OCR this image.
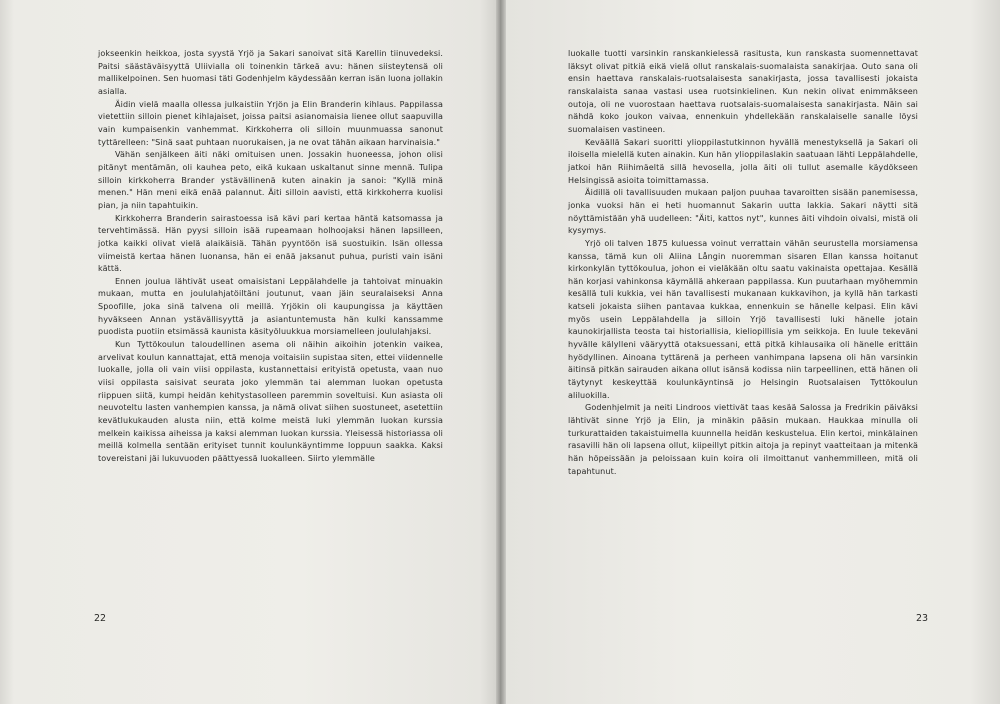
jokseenkin heikkoa, josta syystä Yrjö ja Sakari sanoivat sitä Karellin tiinuvedeksi. Paitsi säästäväisyyttä Uliivialla oli toinenkin tärkeä avu: hänen siisteytensä oli mallikelpoinen. Sen huomasi täti Godenhjelm käydessään kerran isän luona jollakin asialla.

Äidin vielä maalla ollessa julkaistiin Yrjön ja Elin Branderin kihlaus. Pappilassa vietettiin silloin pienet kihlajaiset, joissa paitsi asianomaisia lienee ollut saapuvilla vain kumpaisenkin vanhemmat. Kirkkoherra oli silloin muunmuassa sanonut tyttärelleen: "Sinä saat puhtaan nuorukaisen, ja ne ovat tähän aikaan harvinaisia."

Vähän senjälkeen äiti näki omituisen unen. Jossakin huoneessa, johon olisi pitänyt mentämän, oli kauhea peto, eikä kukaan uskaltanut sinne mennä. Tulipa silloin kirkkoherra Brander ystävällinenä kuten ainakin ja sanoi: "Kyllä minä menen." Hän meni eikä enää palannut. Äiti silloin aavisti, että kirkkoherra kuolisi pian, ja niin tapahtuikin.

Kirkkoherra Branderin sairastoessa isä kävi pari kertaa häntä katsomassa ja tervehtimässä. Hän pyysi silloin isää rupeamaan holhoojaksi hänen lapsilleen, jotka kaikki olivat vielä alaikäisiä. Tähän pyyntöön isä suostuikin. Isän ollessa viimeistä kertaa hänen luonansa, hän ei enää jaksanut puhua, puristi vain isäni kättä.

Ennen joulua lähtivät useat omaisistani Leppälahdelle ja tahtoivat minuakin mukaan, mutta en joululahjatöiltäni joutunut, vaan jäin seuralaiseksi Anna Spoofille, joka sinä talvena oli meillä. Yrjökin oli kaupungissa ja käyttäen hyväkseen Annan ystävällisyyttä ja asiantuntemusta hän kulki kanssamme puodista puotiin etsimässä kaunista käsityöluukkua morsiamelleen joululahjaksi.

Kun Tyttökoulun taloudellinen asema oli näihin aikoihin jotenkin vaikea, arvelivat koulun kannattajat, että menoja voitaisiin supistaa siten, ettei viidennelle luokalle, jolla oli vain viisi oppilasta, kustannettaisi erityistä opetusta, vaan nuo viisi oppilasta saisivat seurata joko ylemmän tai alemman luokan opetusta riippuen siitä, kumpi heidän kehitystasolleen paremmin soveltuisi. Kun asiasta oli neuvoteltu lasten vanhempien kanssa, ja nämä olivat siihen suostuneet, asetettiin kevätlukukauden alusta niin, että kolme meistä luki ylemmän luokan kurssia melkein kaikissa aiheissa ja kaksi alemman luokan kurssia. Yleisessä historiassa oli meillä kolmella sentään erityiset tunnit koulunkäyntimme loppuun saakka. Kaksi tovereistani jäi lukuvuoden päättyessä luokalleen. Siirto ylemmälle

22

luokalle tuotti varsinkin ranskankielessä rasitusta, kun ranskasta suomennettavat läksyt olivat pitkiä eikä vielä ollut ranskalais-suomalaista sanakirjaa. Outo sana oli ensin haettava ranskalais-ruotsalaisesta sanakirjasta, jossa tavallisesti jokaista ranskalaista sanaa vastasi usea ruotsinkielinen. Kun nekin olivat enimmäkseen outoja, oli ne vuorostaan haettava ruotsalais-suomalaisesta sanakirjasta. Näin sai nähdä koko joukon vaivaa, ennenkuin yhdellekään ranskalaiselle sanalle löysi suomalaisen vastineen.

Keväällä Sakari suoritti ylioppilastutkinnon hyvällä menestyksellä ja Sakari oli iloisella mielellä kuten ainakin. Kun hän ylioppilaslakin saatuaan lähti Leppälahdelle, jatkoi hän Riihimäeltä sillä hevosella, jolla äiti oli tullut asemalle käydökseen Helsingissä asioita toimittamassa.

Äidillä oli tavallisuuden mukaan paljon puuhaa tavaroitten sisään panemisessa, jonka vuoksi hän ei heti huomannut Sakarin uutta lakkia. Sakari näytti sitä nöyttämistään yhä uudelleen: "Äiti, kattos nyt", kunnes äiti vihdoin oivalsi, mistä oli kysymys.

Yrjö oli talven 1875 kuluessa voinut verrattain vähän seurustella morsiamensa kanssa, tämä kun oli Aliina Långin nuoremman sisaren Ellan kanssa hoitanut kirkonkylän tyttökoulua, johon ei vieläkään oltu saatu vakinaista opettajaa. Kesällä hän korjasi vahinkonsa käymällä ahkeraan pappilassa. Kun puutarhaan myöhemmin kesällä tuli kukkia, vei hän tavallisesti mukanaan kukkavihon, ja kyllä hän tarkasti katseli jokaista siihen pantavaa kukkaa, ennenkuin se hänelle kelpasi. Elin kävi myös usein Leppälahdella ja silloin Yrjö tavallisesti luki hänelle jotain kaunokirjallista teosta tai historiallisia, kieliopillisia ym seikkoja. En luule tekeväni hyvälle kälylleni vääryyttä otaksuessani, että pitkä kihlausaika oli hänelle erittäin hyödyllinen. Ainoana tyttärenä ja perheen vanhimpana lapsena oli hän varsinkin äitinsä pitkän sairauden aikana ollut isänsä kodissa niin tarpeellinen, että hänen oli täytynyt keskeyttää koulunkäyntinsä jo Helsingin Ruotsalaisen Tyttökoulun aliluokilla.

Godenhjelmit ja neiti Lindroos viettivät taas kesää Salossa ja Fredrikin päiväksi lähtivät sinne Yrjö ja Elin, ja minäkin pääsin mukaan. Haukkaa minulla oli turkurattaiden takaistuimella kuunnella heidän keskustelua. Elin kertoi, minkälainen rasavilli hän oli lapsena ollut, kiipeillyt pitkin aitoja ja repinyt vaatteitaan ja mitenkä hän höpeissään ja peloissaan kuin koira oli ilmoittanut vanhemmilleen, mitä oli tapahtunut.

23
